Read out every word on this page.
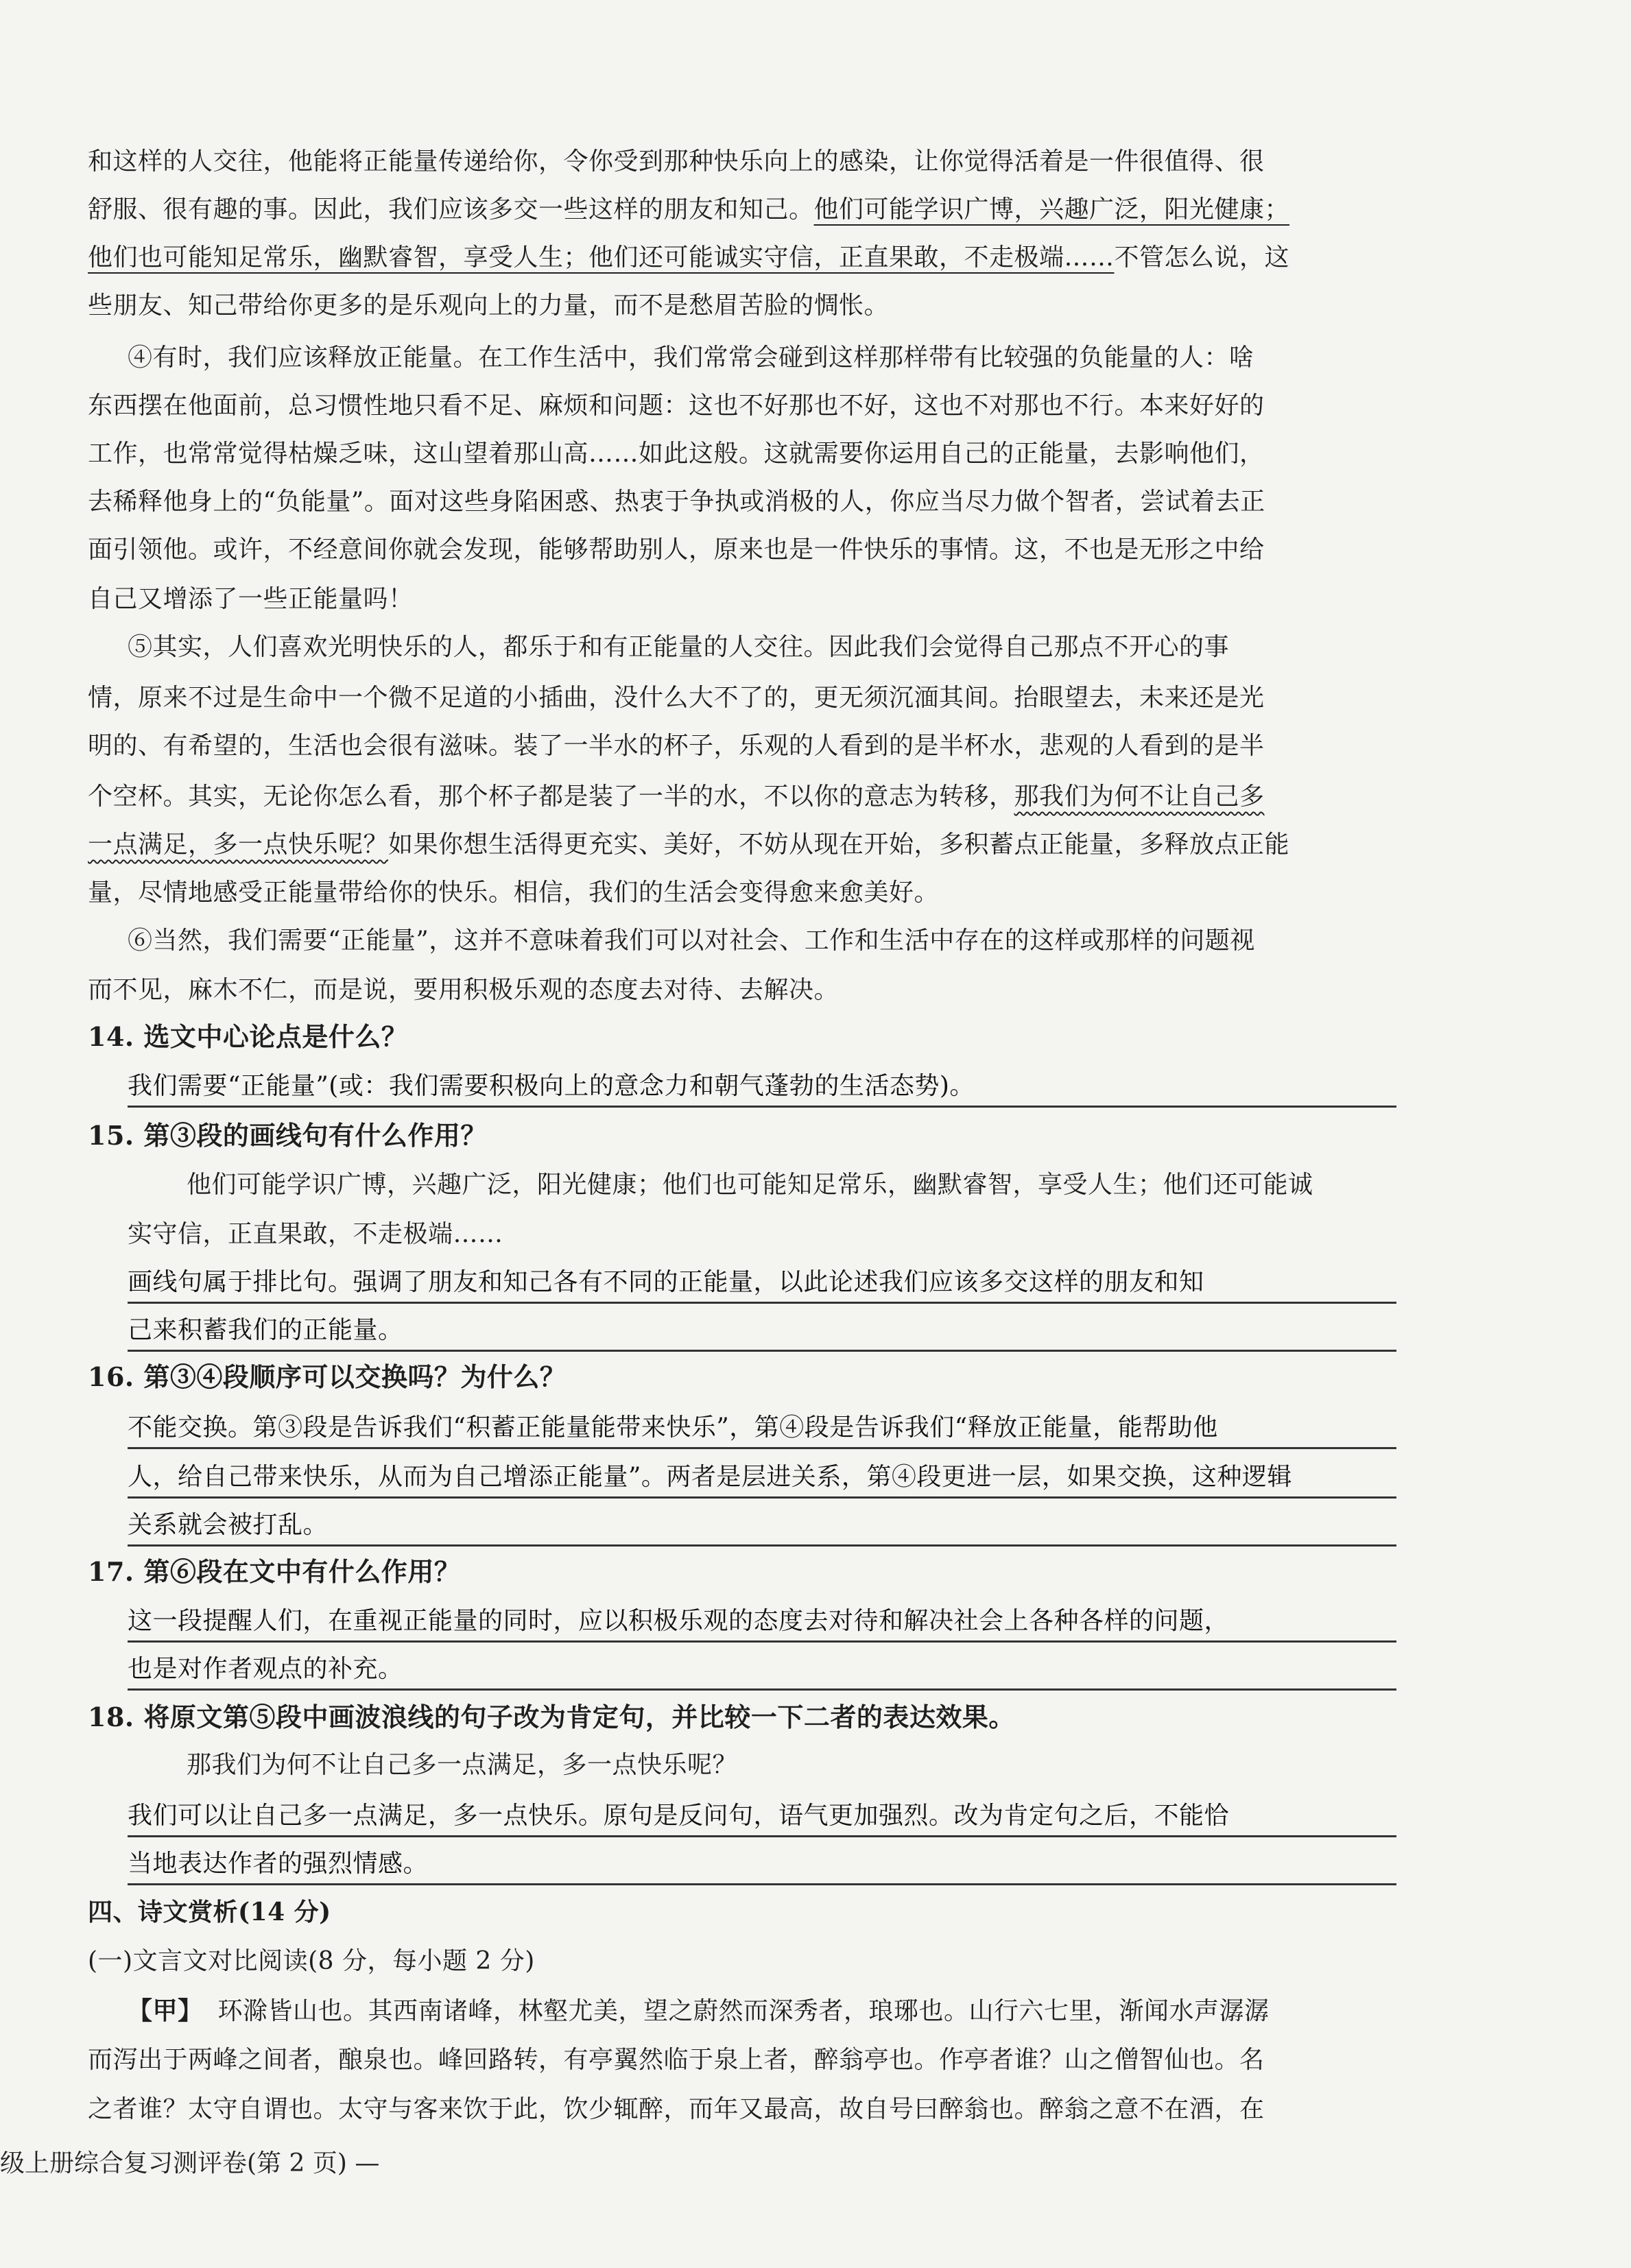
和这样的人交往，他能将正能量传递给你，令你受到那种快乐向上的感染，让你觉得活着是一件很值得、很
舒服、很有趣的事。因此，我们应该多交一些这样的朋友和知己。他们可能学识广博，兴趣广泛，阳光健康；
他们也可能知足常乐，幽默睿智，享受人生；他们还可能诚实守信，正直果敢，不走极端……不管怎么说，这
些朋友、知己带给你更多的是乐观向上的力量，而不是愁眉苦脸的惆怅。
④有时，我们应该释放正能量。在工作生活中，我们常常会碰到这样那样带有比较强的负能量的人：啥
东西摆在他面前，总习惯性地只看不足、麻烦和问题：这也不好那也不好，这也不对那也不行。本来好好的
工作，也常常觉得枯燥乏味，这山望着那山高……如此这般。这就需要你运用自己的正能量，去影响他们，
去稀释他身上的“负能量”。面对这些身陷困惑、热衷于争执或消极的人，你应当尽力做个智者，尝试着去正
面引领他。或许，不经意间你就会发现，能够帮助别人，原来也是一件快乐的事情。这，不也是无形之中给
自己又增添了一些正能量吗！
⑤其实，人们喜欢光明快乐的人，都乐于和有正能量的人交往。因此我们会觉得自己那点不开心的事
情，原来不过是生命中一个微不足道的小插曲，没什么大不了的，更无须沉湎其间。抬眼望去，未来还是光
明的、有希望的，生活也会很有滋味。装了一半水的杯子，乐观的人看到的是半杯水，悲观的人看到的是半
个空杯。其实，无论你怎么看，那个杯子都是装了一半的水，不以你的意志为转移，那我们为何不让自己多
一点满足，多一点快乐呢？如果你想生活得更充实、美好，不妨从现在开始，多积蓄点正能量，多释放点正能
量，尽情地感受正能量带给你的快乐。相信，我们的生活会变得愈来愈美好。
⑥当然，我们需要“正能量”，这并不意味着我们可以对社会、工作和生活中存在的这样或那样的问题视
而不见，麻木不仁，而是说，要用积极乐观的态度去对待、去解决。
14. 选文中心论点是什么？
我们需要“正能量”(或：我们需要积极向上的意念力和朝气蓬勃的生活态势)。
15. 第③段的画线句有什么作用？
他们可能学识广博，兴趣广泛，阳光健康；他们也可能知足常乐，幽默睿智，享受人生；他们还可能诚
实守信，正直果敢，不走极端……
画线句属于排比句。强调了朋友和知己各有不同的正能量，以此论述我们应该多交这样的朋友和知
己来积蓄我们的正能量。
16. 第③④段顺序可以交换吗？为什么？
不能交换。第③段是告诉我们“积蓄正能量能带来快乐”，第④段是告诉我们“释放正能量，能帮助他
人，给自己带来快乐，从而为自己增添正能量”。两者是层进关系，第④段更进一层，如果交换，这种逻辑
关系就会被打乱。
17. 第⑥段在文中有什么作用？
这一段提醒人们，在重视正能量的同时，应以积极乐观的态度去对待和解决社会上各种各样的问题，
也是对作者观点的补充。
18. 将原文第⑤段中画波浪线的句子改为肯定句，并比较一下二者的表达效果。
那我们为何不让自己多一点满足，多一点快乐呢？
我们可以让自己多一点满足，多一点快乐。原句是反问句，语气更加强烈。改为肯定句之后，不能恰
当地表达作者的强烈情感。
四、诗文赏析(14 分)
(一)文言文对比阅读(8 分，每小题 2 分)
【甲】 环滁皆山也。其西南诸峰，林壑尤美，望之蔚然而深秀者，琅琊也。山行六七里，渐闻水声潺潺
而泻出于两峰之间者，酿泉也。峰回路转，有亭翼然临于泉上者，醉翁亭也。作亭者谁？山之僧智仙也。名
之者谁？太守自谓也。太守与客来饮于此，饮少辄醉，而年又最高，故自号曰醉翁也。醉翁之意不在酒，在
级上册综合复习测评卷(第 2 页) —
